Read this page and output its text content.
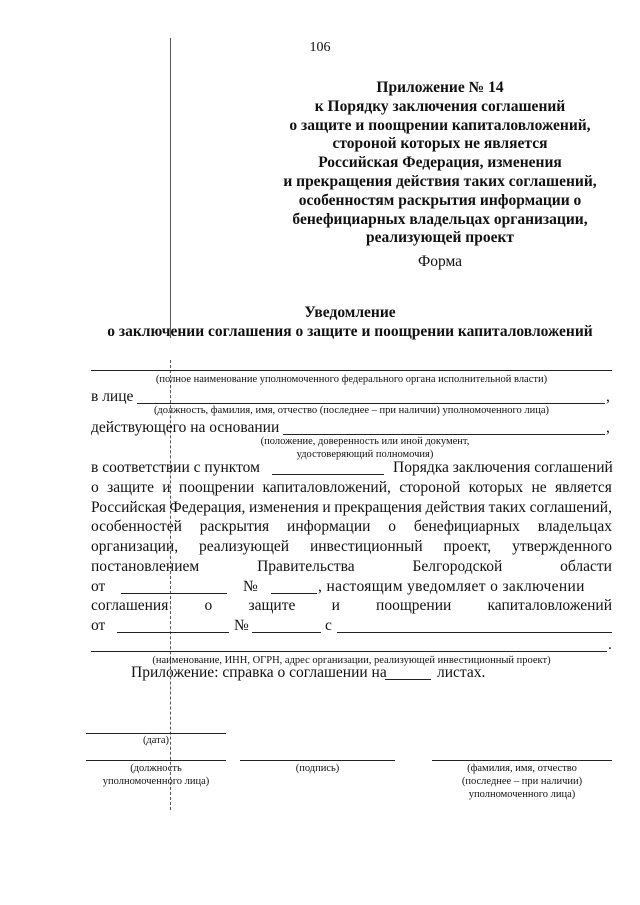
106
Приложение № 14
к Порядку заключения соглашений
о защите и поощрении капиталовложений,
стороной которых не является
Российская Федерация, изменения
и прекращения действия таких соглашений,
особенностям раскрытия информации о
бенефициарных владельцах организации,
реализующей проект
Форма
Уведомление
о заключении соглашения о защите и поощрении капиталовложений
(полное наименование уполномоченного федерального органа исполнительной власти)
в лице	,
(должность, фамилия, имя, отчество (последнее – при наличии) уполномоченного лица)
действующего на основании	,
(положение, доверенность или иной документ,
удостоверяющий полномочия)
в соответствии с пунктом	Порядка заключения соглашений
о защите и поощрении капиталовложений, стороной которых не является
Российская Федерация, изменения и прекращения действия таких соглашений,
особенностей раскрытия информации о бенефициарных владельцах
организации, реализующей инвестиционный проект, утвержденного
постановлением	Правительства	Белгородской	области
от	№	, настоящим уведомляет о заключении
соглашения о защите и поощрении капиталовложений
от	№	с
.
(наименование, ИНН, ОГРН, адрес организации, реализующей инвестиционный проект)
Приложение: справка о соглашении на	листах.
(дата)
(должность
уполномоченного лица)
(подпись)	(фамилия, имя, отчество
(последнее – при наличии)
уполномоченного лица)
